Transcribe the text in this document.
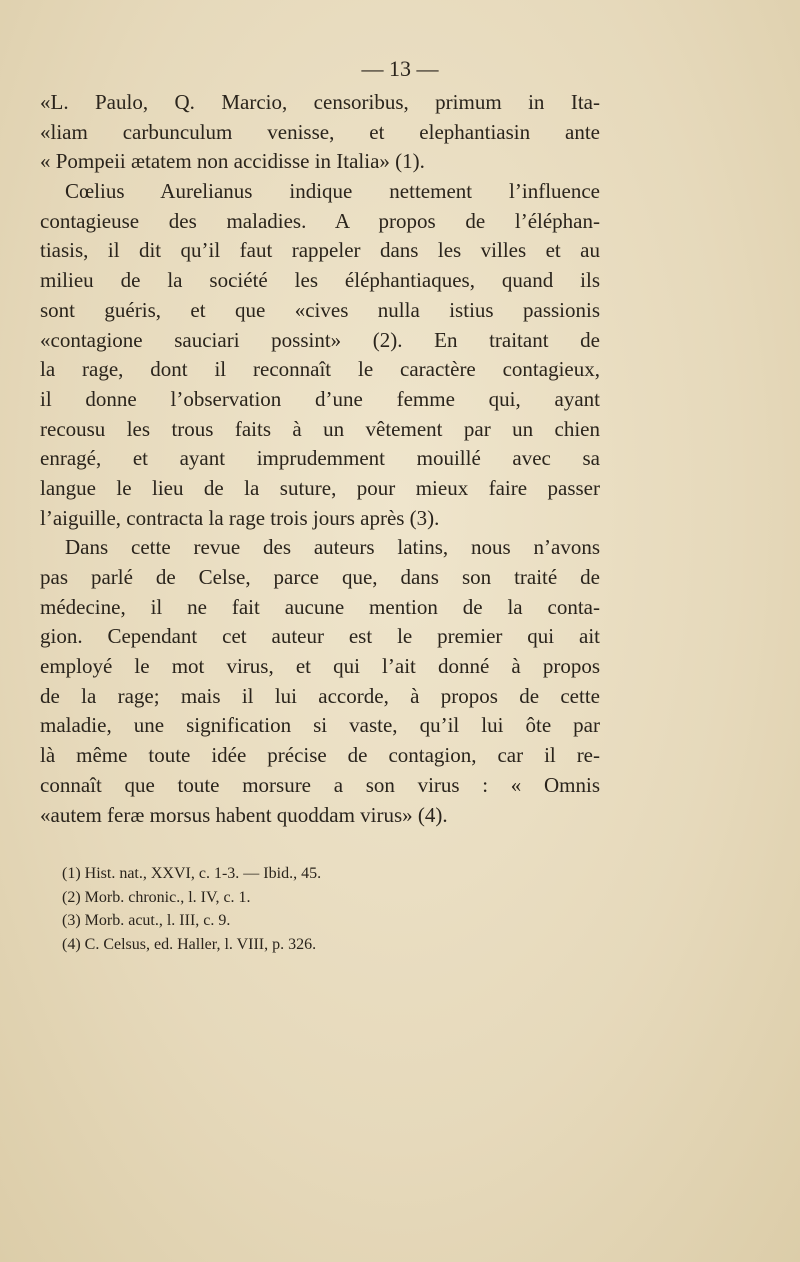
— 13 —
«L. Paulo, Q. Marcio, censoribus, primum in Ita-
«liam carbunculum venisse, et elephantiasin ante
« Pompeii ætatem non accidisse in Italia» (1).
Cœlius Aurelianus indique nettement l’influence
contagieuse des maladies. A propos de l’éléphan-
tiasis, il dit qu’il faut rappeler dans les villes et au
milieu de la société les éléphantiaques, quand ils
sont guéris, et que «cives nulla istius passionis
«contagione sauciari possint» (2). En traitant de
la rage, dont il reconnaît le caractère contagieux,
il donne l’observation d’une femme qui, ayant
recousu les trous faits à un vêtement par un chien
enragé, et ayant imprudemment mouillé avec sa
langue le lieu de la suture, pour mieux faire passer
l’aiguille, contracta la rage trois jours après (3).
Dans cette revue des auteurs latins, nous n’avons
pas parlé de Celse, parce que, dans son traité de
médecine, il ne fait aucune mention de la conta-
gion. Cependant cet auteur est le premier qui ait
employé le mot virus, et qui l’ait donné à propos
de la rage; mais il lui accorde, à propos de cette
maladie, une signification si vaste, qu’il lui ôte par
là même toute idée précise de contagion, car il re-
connaît que toute morsure a son virus : « Omnis
«autem feræ morsus habent quoddam virus» (4).
(1) Hist. nat., XXVI, c. 1-3. — Ibid., 45.
(2) Morb. chronic., l. IV, c. 1.
(3) Morb. acut., l. III, c. 9.
(4) C. Celsus, ed. Haller, l. VIII, p. 326.
